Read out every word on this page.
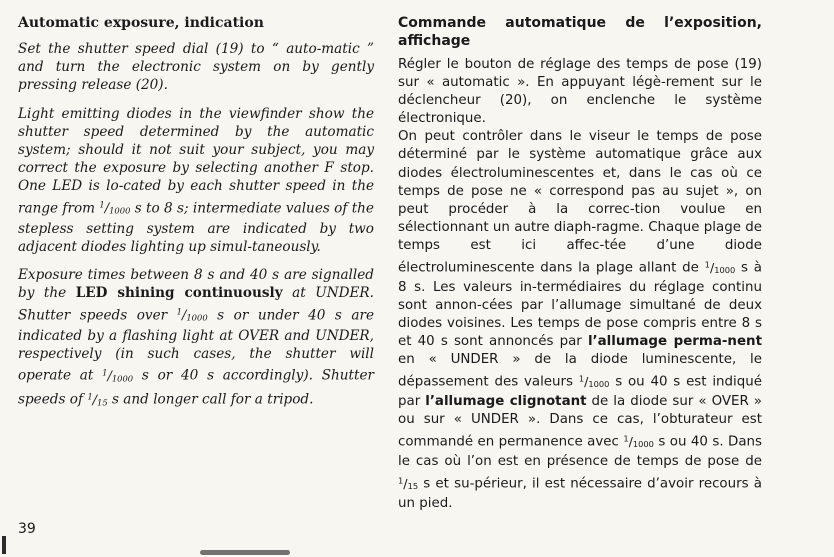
Automatic exposure, indication

Set the shutter speed dial (19) to “ auto-matic ” and turn the electronic system on by gently pressing release (20).

Light emitting diodes in the viewfinder show the shutter speed determined by the automatic system; should it not suit your subject, you may correct the exposure by selecting another F stop. One LED is lo-cated by each shutter speed in the range from $^1/_{1000}$ s to 8 s; intermediate values of the stepless setting system are indicated by two adjacent diodes lighting up simul-taneously.

Exposure times between 8 s and 40 s are signalled by the LED shining continuously at UNDER. Shutter speeds over $^1/_{1000}$ s or under 40 s are indicated by a flashing light at OVER and UNDER, respectively (in such cases, the shutter will operate at $^1/_{1000}$ s or 40 s accordingly). Shutter speeds of $^1/_{15}$ s and longer call for a tripod.

Commande automatique de l’exposition, affichage

Régler le bouton de réglage des temps de pose (19) sur « automatic ». En appuyant légè-rement sur le déclencheur (20), on enclenche le système électronique.

On peut contrôler dans le viseur le temps de pose déterminé par le système automatique grâce aux diodes électroluminescentes et, dans le cas où ce temps de pose ne « correspond pas au sujet », on peut procéder à la correc-tion voulue en sélectionnant un autre diaph-ragme. Chaque plage de temps est ici affec-tée d’une diode électroluminescente dans la plage allant de $^1/_{1000}$ s à 8 s. Les valeurs in-termédiaires du réglage continu sont annon-cées par l’allumage simultané de deux diodes voisines. Les temps de pose compris entre 8 s et 40 s sont annoncés par l’allumage perma-nent en « UNDER » de la diode luminescente, le dépassement des valeurs $^1/_{1000}$ s ou 40 s est indiqué par l’allumage clignotant de la diode sur « OVER » ou sur « UNDER ». Dans ce cas, l’obturateur est commandé en permanence avec $^1/_{1000}$ s ou 40 s. Dans le cas où l’on est en présence de temps de pose de $^1/_{15}$ s et su-périeur, il est nécessaire d’avoir recours à un pied.

39
